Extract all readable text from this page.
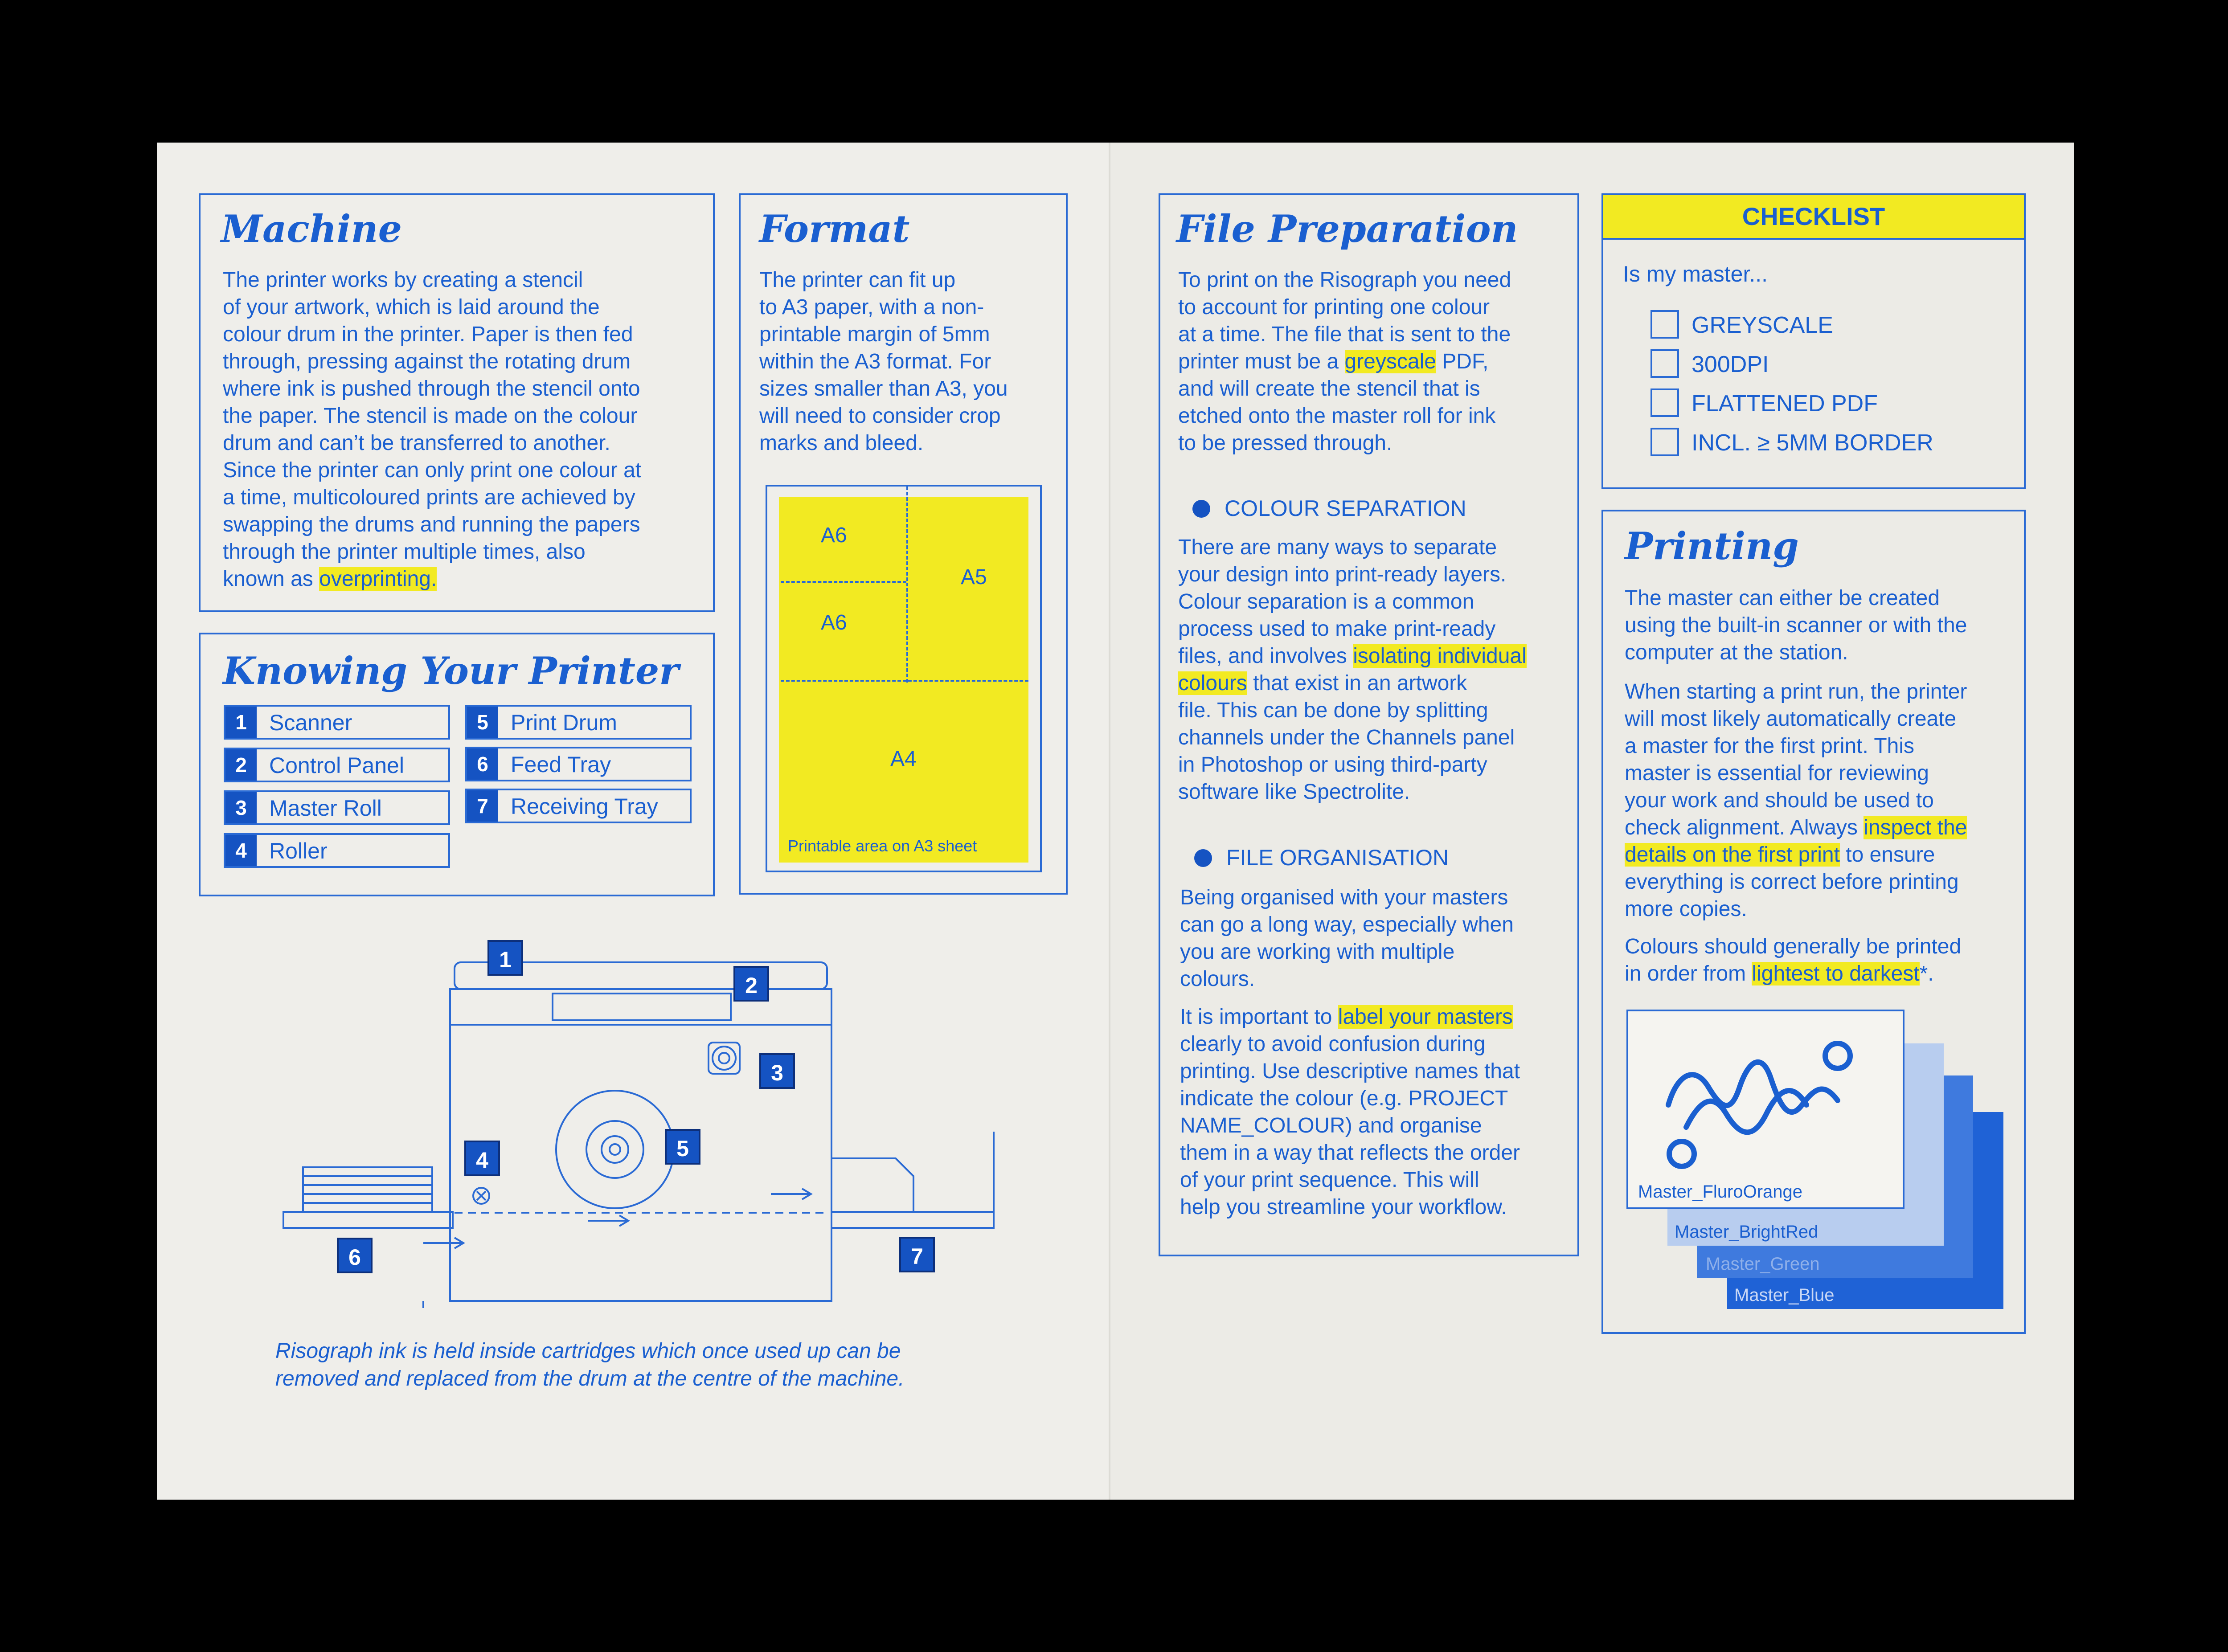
Machine
The printer works by creating a stencil
of your artwork, which is laid around the
colour drum in the printer. Paper is then fed
through, pressing against the rotating drum
where ink is pushed through the stencil onto
the paper. The stencil is made on the colour
drum and can’t be transferred to another.
Since the printer can only print one colour at
a time, multicoloured prints are achieved by
swapping the drums and running the papers
through the printer multiple times, also
known as overprinting.
Format
The printer can fit up
to A3 paper, with a non-
printable margin of 5mm
within the A3 format. For
sizes smaller than A3, you
will need to consider crop
marks and bleed.
A6
A6
A5
A4
Printable area on A3 sheet
Knowing Your Printer
1	Scanner
2	Control Panel
3	Master Roll
4	Roller
5	Print Drum
6	Feed Tray
7	Receiving Tray
1
2
3
4	5
6	7
Risograph ink is held inside cartridges which once used up can be
removed and replaced from the drum at the centre of the machine.
File Preparation
To print on the Risograph you need
to account for printing one colour
at a time. The file that is sent to the
printer must be a greyscale PDF,
and will create the stencil that is
etched onto the master roll for ink
to be pressed through.
COLOUR SEPARATION
There are many ways to separate
your design into print-ready layers.
Colour separation is a common
process used to make print-ready
files, and involves isolating individual
colours that exist in an artwork
file. This can be done by splitting
channels under the Channels panel
in Photoshop or using third-party
software like Spectrolite.
FILE ORGANISATION
Being organised with your masters
can go a long way, especially when
you are working with multiple
colours.
It is important to label your masters
clearly to avoid confusion during
printing. Use descriptive names that
indicate the colour (e.g. PROJECT
NAME_COLOUR) and organise
them in a way that reflects the order
of your print sequence. This will
help you streamline your workflow.
CHECKLIST
Is my master...
GREYSCALE
300DPI
FLATTENED PDF
INCL. ≥ 5MM BORDER
Printing
The master can either be created
using the built-in scanner or with the
computer at the station.
When starting a print run, the printer
will most likely automatically create
a master for the first print. This
master is essential for reviewing
your work and should be used to
check alignment. Always inspect the
details on the first print to ensure
everything is correct before printing
more copies.
Colours should generally be printed
in order from lightest to darkest*.
Master_Blue
Master_Green
Master_BrightRed
Master_FluroOrange
